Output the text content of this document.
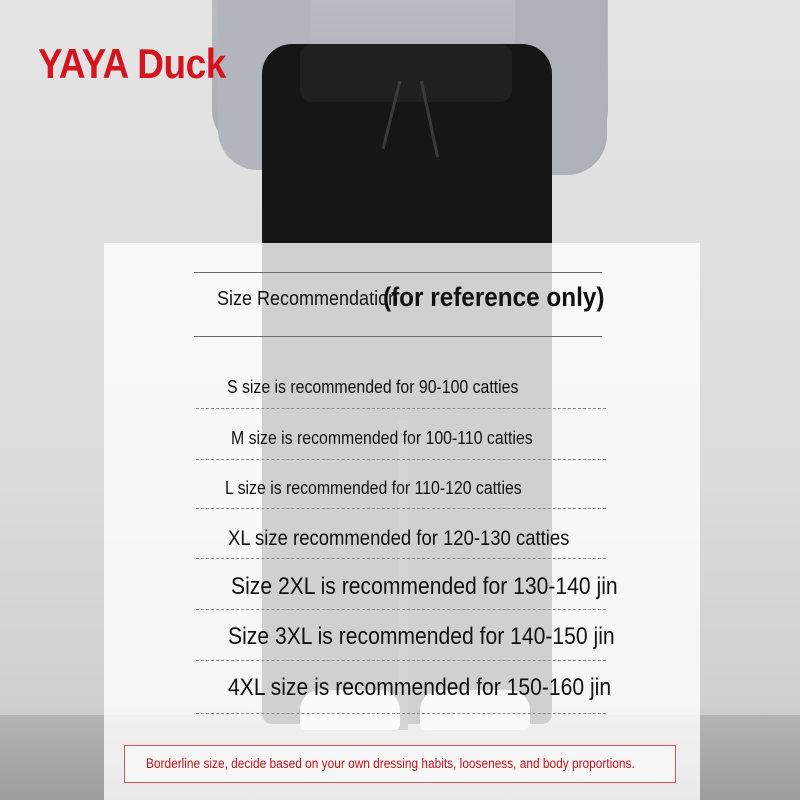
YAYA Duck
Size Recommendation
(for reference only)
S size is recommended for 90-100 catties
M size is recommended for 100-110 catties
L size is recommended for 110-120 catties
XL size recommended for 120-130 catties
Size 2XL is recommended for 130-140 jin
Size 3XL is recommended for 140-150 jin
4XL size is recommended for 150-160 jin
Borderline size, decide based on your own dressing habits, looseness, and body proportions.
